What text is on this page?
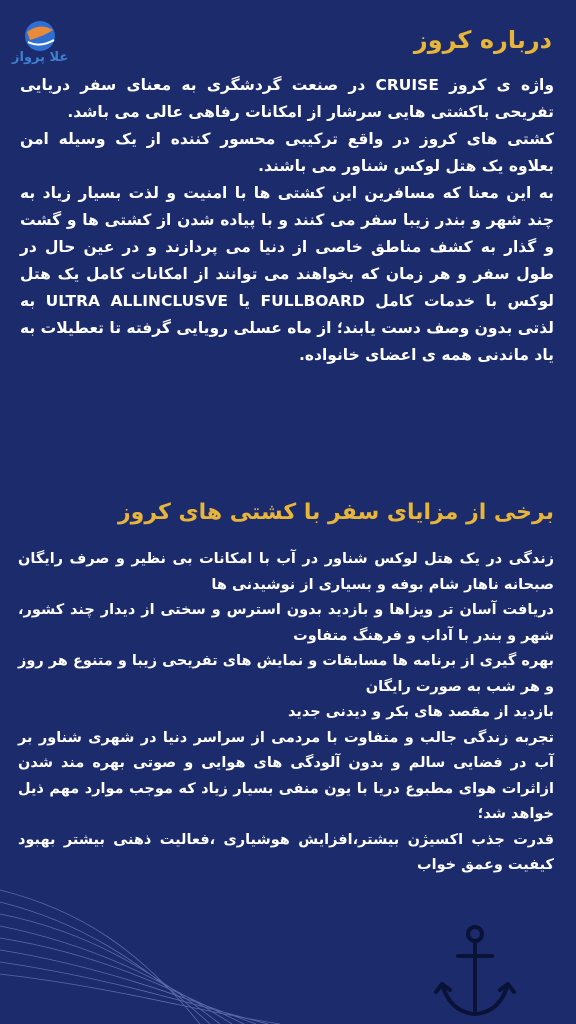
علا پرواز
درباره کروز

واژه ی کروز CRUISE در صنعت گردشگری به معنای سفر دریایی تفریحی باکشتی هایی سرشار از امکانات رفاهی عالی می باشد.

کشتی های کروز در واقع ترکیبی محسور کننده از یک وسیله امن بعلاوه یک هتل لوکس شناور می باشند.

به این معنا که مسافرین این کشتی ها با امنیت و لذت بسیار زیاد به چند شهر و بندر زیبا سفر می کنند و با پیاده شدن از کشتی ها و گشت و گذار به کشف مناطق خاصی از دنیا می پردازند و در عین حال در طول سفر و هر زمان که بخواهند می توانند از امکانات کامل یک هتل لوکس با خدمات کامل FULLBOARD یا ULTRA ALLINCLUSVE به لذتی بدون وصف دست یابند؛ از ماه عسلی رویایی گرفته تا تعطیلات به یاد ماندنی همه ی اعضای خانواده.

برخی از مزایای سفر با کشتی های کروز

زندگی در یک هتل لوکس شناور در آب با امکانات بی نظیر و صرف رایگان صبحانه ناهار شام بوفه و بسیاری از نوشیدنی ها

دریافت آسان تر ویزاها و بازدید بدون استرس و سختی از دیدار چند کشور، شهر و بندر با آداب و فرهنگ متفاوت

بهره گیری از برنامه ها مسابقات و نمایش های تفریحی زیبا و متنوع هر روز و هر شب به صورت رایگان

بازدید از مقصد های بکر و دیدنی جدید

تجربه زندگی جالب و متفاوت با مردمی از سراسر دنیا در شهری شناور بر آب در فضایی سالم و بدون آلودگی های هوایی و صوتی بهره مند شدن ازاثرات هوای مطبوع دریا با یون منفی بسیار زیاد که موجب موارد مهم ذیل خواهد شد؛

قدرت جذب اکسیژن بیشتر،افزایش هوشیاری ،فعالیت ذهنی بیشتر بهبود کیفیت وعمق خواب
